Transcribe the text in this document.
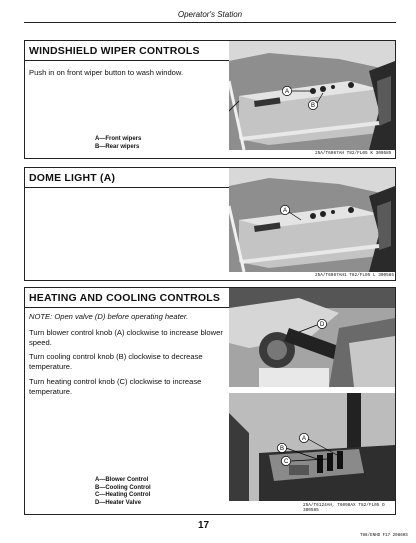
Operator's Station
WINDSHIELD WIPER CONTROLS
Push in on front wiper button to wash window.
A—Front wipers
B—Rear wipers
A
B
25A/T6087AH T82/FL05 K 300585
DOME LIGHT (A)
A
25A/T6087AH1 T82/FL05 L 300585
HEATING AND COOLING CONTROLS
NOTE: Open valve (D) before operating heater.
Turn blower control knob (A) clockwise to increase blower speed.
Turn cooling control knob (B) clockwise to decrease temperature.
Turn heating control knob (C) clockwise to increase temperature.
A—Blower Control
B—Cooling Control
C—Heating Control
D—Heater Valve
D
A
B
C
25A/T6124AH, T6098AX T82/FL05 O 300585
17
T88/ENHD F17 2086HS
